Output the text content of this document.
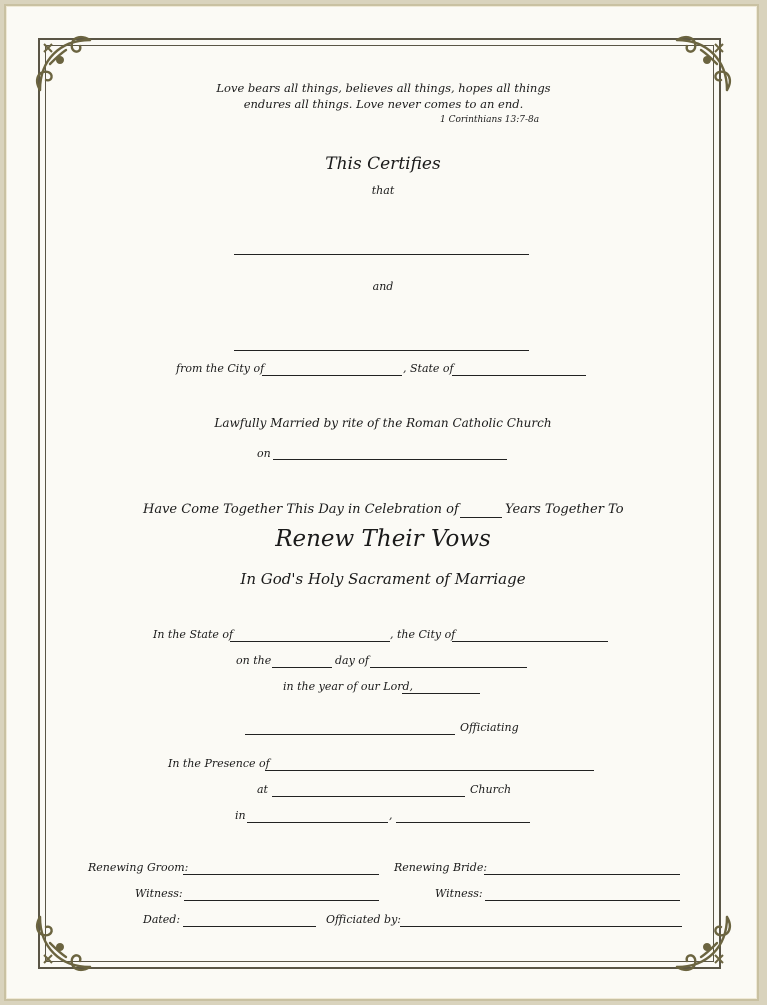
Love bears all things, believes all things, hopes all things
endures all things. Love never comes to an end.
1 Corinthians 13:7-8a
This Certifies
that
and
from the City of	, State of
Lawfully Married by rite of the Roman Catholic Church
on
Have Come Together This Day in Celebration of	Years Together To
Renew Their Vows
In God's Holy Sacrament of Marriage
In the State of	, the City of
on the	day of
in the year of our Lord,
Officiating
In the Presence of
at	Church
in	,
Renewing Groom:	Renewing Bride:
Witness:	Witness:
Dated:	Officiated by:
